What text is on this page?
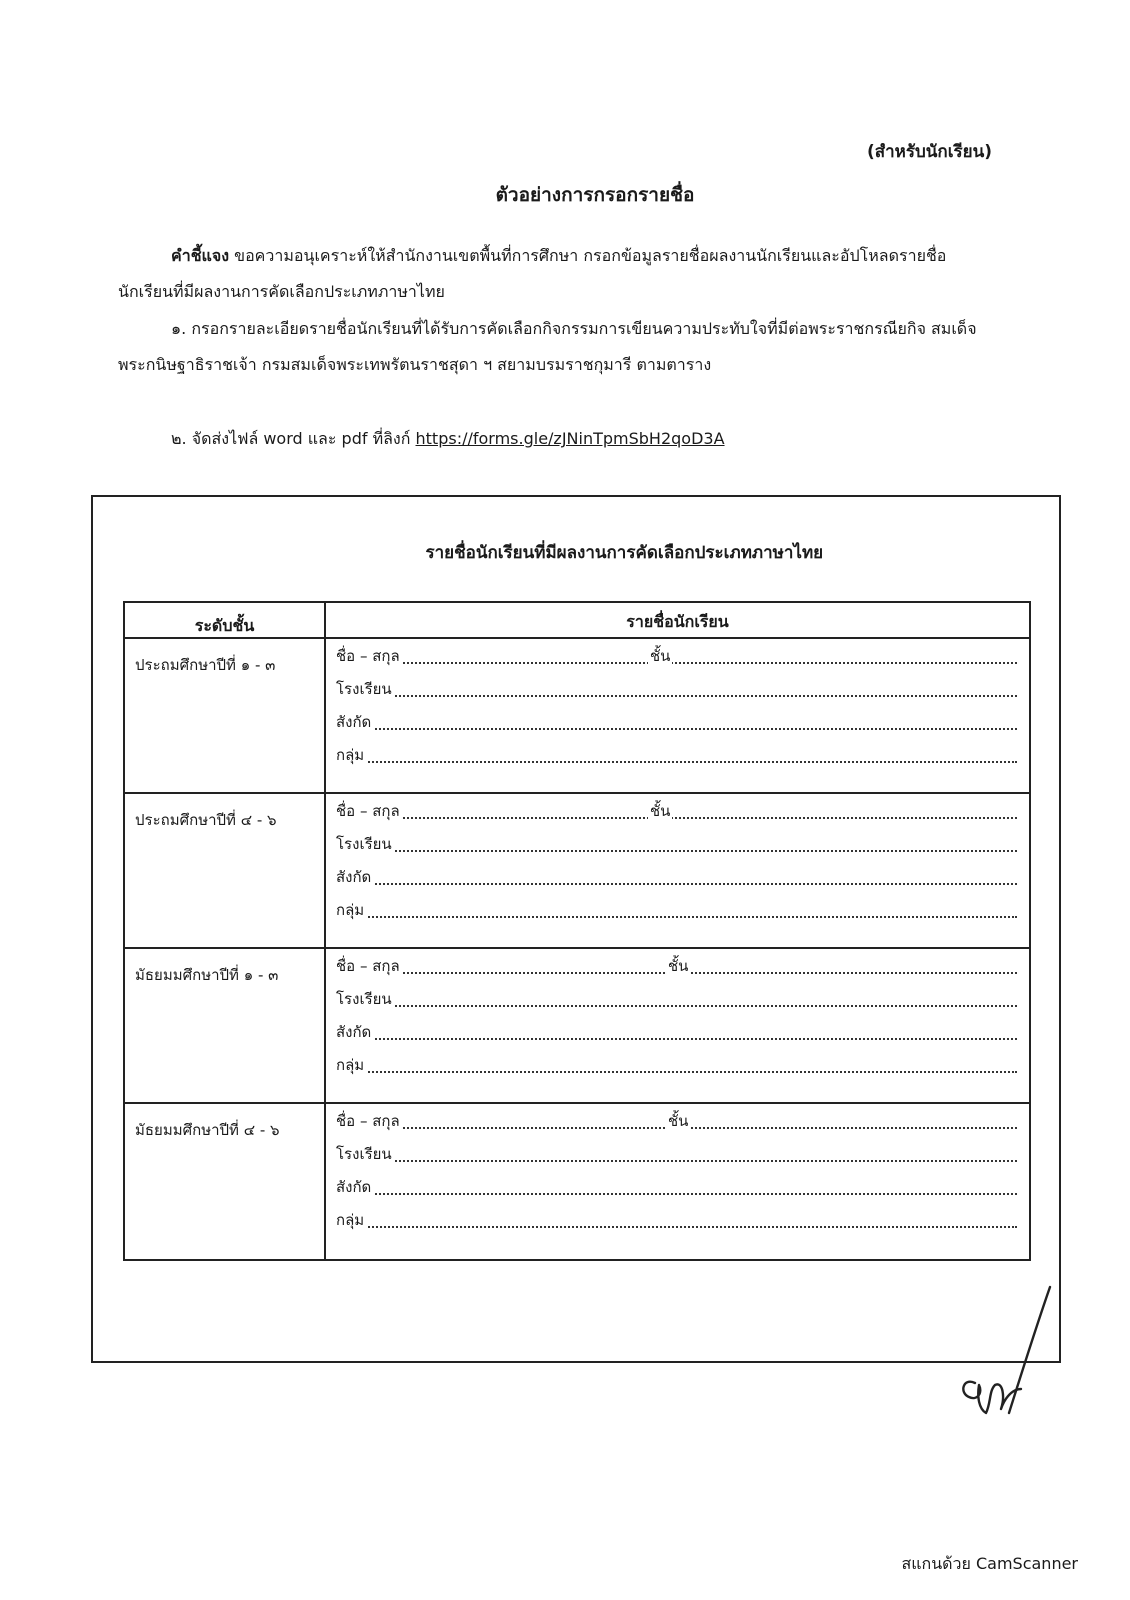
(สำหรับนักเรียน)
ตัวอย่างการกรอกรายชื่อ

คำชี้แจง ขอความอนุเคราะห์ให้สำนักงานเขตพื้นที่การศึกษา กรอกข้อมูลรายชื่อผลงานนักเรียนและอัปโหลดรายชื่อนักเรียนที่มีผลงานการคัดเลือกประเภทภาษาไทย

๑. กรอกรายละเอียดรายชื่อนักเรียนที่ได้รับการคัดเลือกกิจกรรมการเขียนความประทับใจที่มีต่อพระราชกรณียกิจ สมเด็จพระกนิษฐาธิราชเจ้า กรมสมเด็จพระเทพรัตนราชสุดา ฯ สยามบรมราชกุมารี ตามตาราง

๒. จัดส่งไฟล์ word และ pdf ที่ลิงก์ https://forms.gle/zJNinTpmSbH2qoD3A

รายชื่อนักเรียนที่มีผลงานการคัดเลือกประเภทภาษาไทย
ระดับชั้น	รายชื่อนักเรียน
ประถมศึกษาปีที่ ๑ - ๓	ชื่อ – สกุล	ชั้น
โรงเรียน
สังกัด
กลุ่ม
ประถมศึกษาปีที่ ๔ - ๖	ชื่อ – สกุล	ชั้น
โรงเรียน
สังกัด
กลุ่ม
มัธยมมศึกษาปีที่ ๑ - ๓	ชื่อ – สกุล	ชั้น
โรงเรียน
สังกัด
กลุ่ม
มัธยมมศึกษาปีที่ ๔ - ๖	ชื่อ – สกุล	ชั้น
โรงเรียน
สังกัด
กลุ่ม
สแกนด้วย CamScanner
